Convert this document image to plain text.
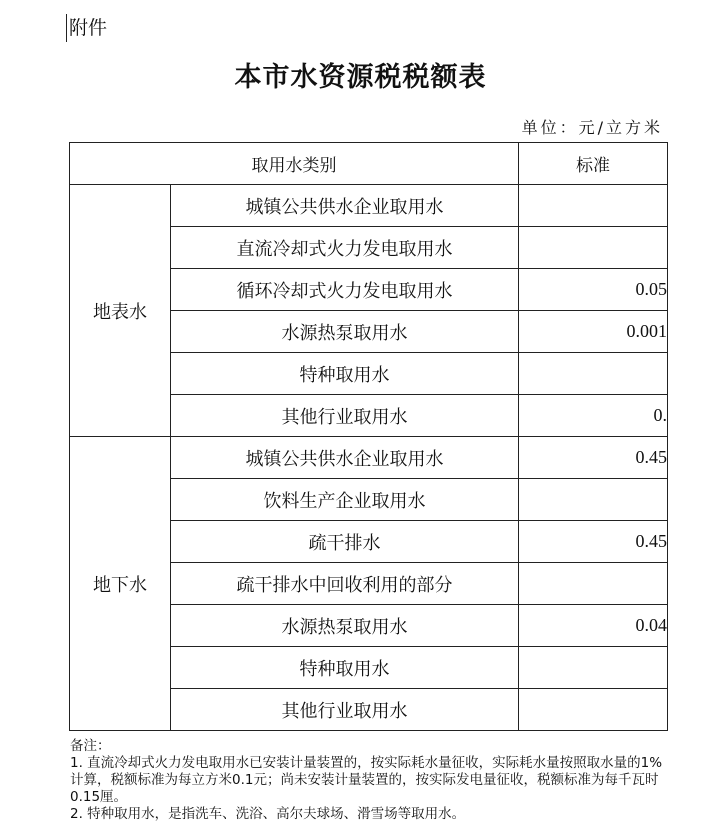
附件
本市水资源税税额表
单位：元/立方米
取用水类别		标准
地表水	城镇公共供水企业取用水	
	直流冷却式火力发电取用水	
	循环冷却式火力发电取用水	0.05
	水源热泵取用水	0.001
	特种取用水	
	其他行业取用水	0.
地下水	城镇公共供水企业取用水	0.45
	饮料生产企业取用水	
	疏干排水	0.45
	疏干排水中回收利用的部分	
	水源热泵取用水	0.04
	特种取用水	
	其他行业取用水	
备注：
1. 直流冷却式火力发电取用水已安装计量装置的，按实际耗水量征收，实际耗水量按照取水量的1%计算，税额标准为每立方米0.1元；尚未安装计量装置的，按实际发电量征收，税额标准为每千瓦时0.15厘。
2. 特种取用水，是指洗车、洗浴、高尔夫球场、滑雪场等取用水。
